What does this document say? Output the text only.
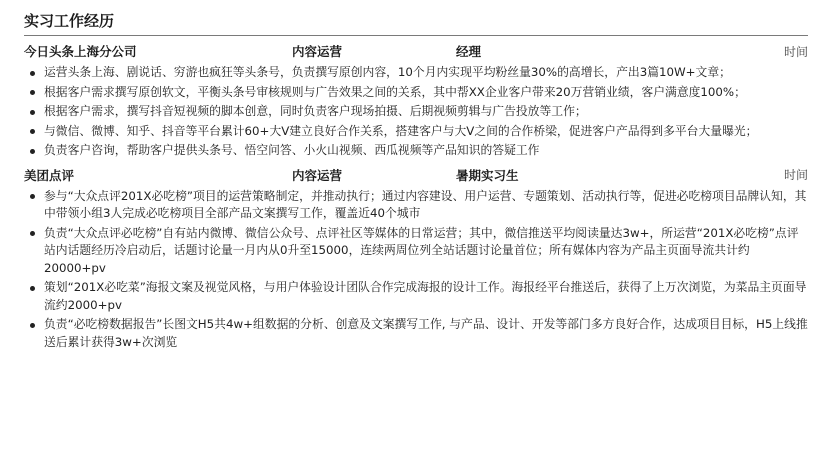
实习工作经历
今日头条上海分公司	内容运营	经理	时间
运营头条上海、剧说话、穷游也疯狂等头条号，负责撰写原创内容，10个月内实现平均粉丝量30%的高增长，产出3篇10W+文章；
根据客户需求撰写原创软文，平衡头条号审核规则与广告效果之间的关系，其中帮XX企业客户带来20万营销业绩，客户满意度100%；
根据客户需求，撰写抖音短视频的脚本创意，同时负责客户现场拍摄、后期视频剪辑与广告投放等工作；
与微信、微博、知乎、抖音等平台累计60+大V建立良好合作关系，搭建客户与大V之间的合作桥梁，促进客户产品得到多平台大量曝光；
负责客户咨询，帮助客户提供头条号、悟空问答、小火山视频、西瓜视频等产品知识的答疑工作
美团点评	内容运营	暑期实习生	时间
参与“大众点评201X必吃榜”项目的运营策略制定，并推动执行；通过内容建设、用户运营、专题策划、活动执行等，促进必吃榜项目品牌认知，其中带领小组3人完成必吃榜项目全部产品文案撰写工作，覆盖近40个城市
负责“大众点评必吃榜”自有站内微博、微信公众号、点评社区等媒体的日常运营；其中，微信推送平均阅读量达3w+，所运营“201X必吃榜”点评站内话题经历冷启动后，话题讨论量一月内从0升至15000，连续两周位列全站话题讨论量首位；所有媒体内容为产品主页面导流共计约20000+pv
策划“201X必吃菜”海报文案及视觉风格，与用户体验设计团队合作完成海报的设计工作。海报经平台推送后，获得了上万次浏览，为菜品主页面导流约2000+pv
负责“必吃榜数据报告”长图文H5共4w+组数据的分析、创意及文案撰写工作, 与产品、设计、开发等部门多方良好合作，达成项目目标，H5上线推送后累计获得3w+次浏览
